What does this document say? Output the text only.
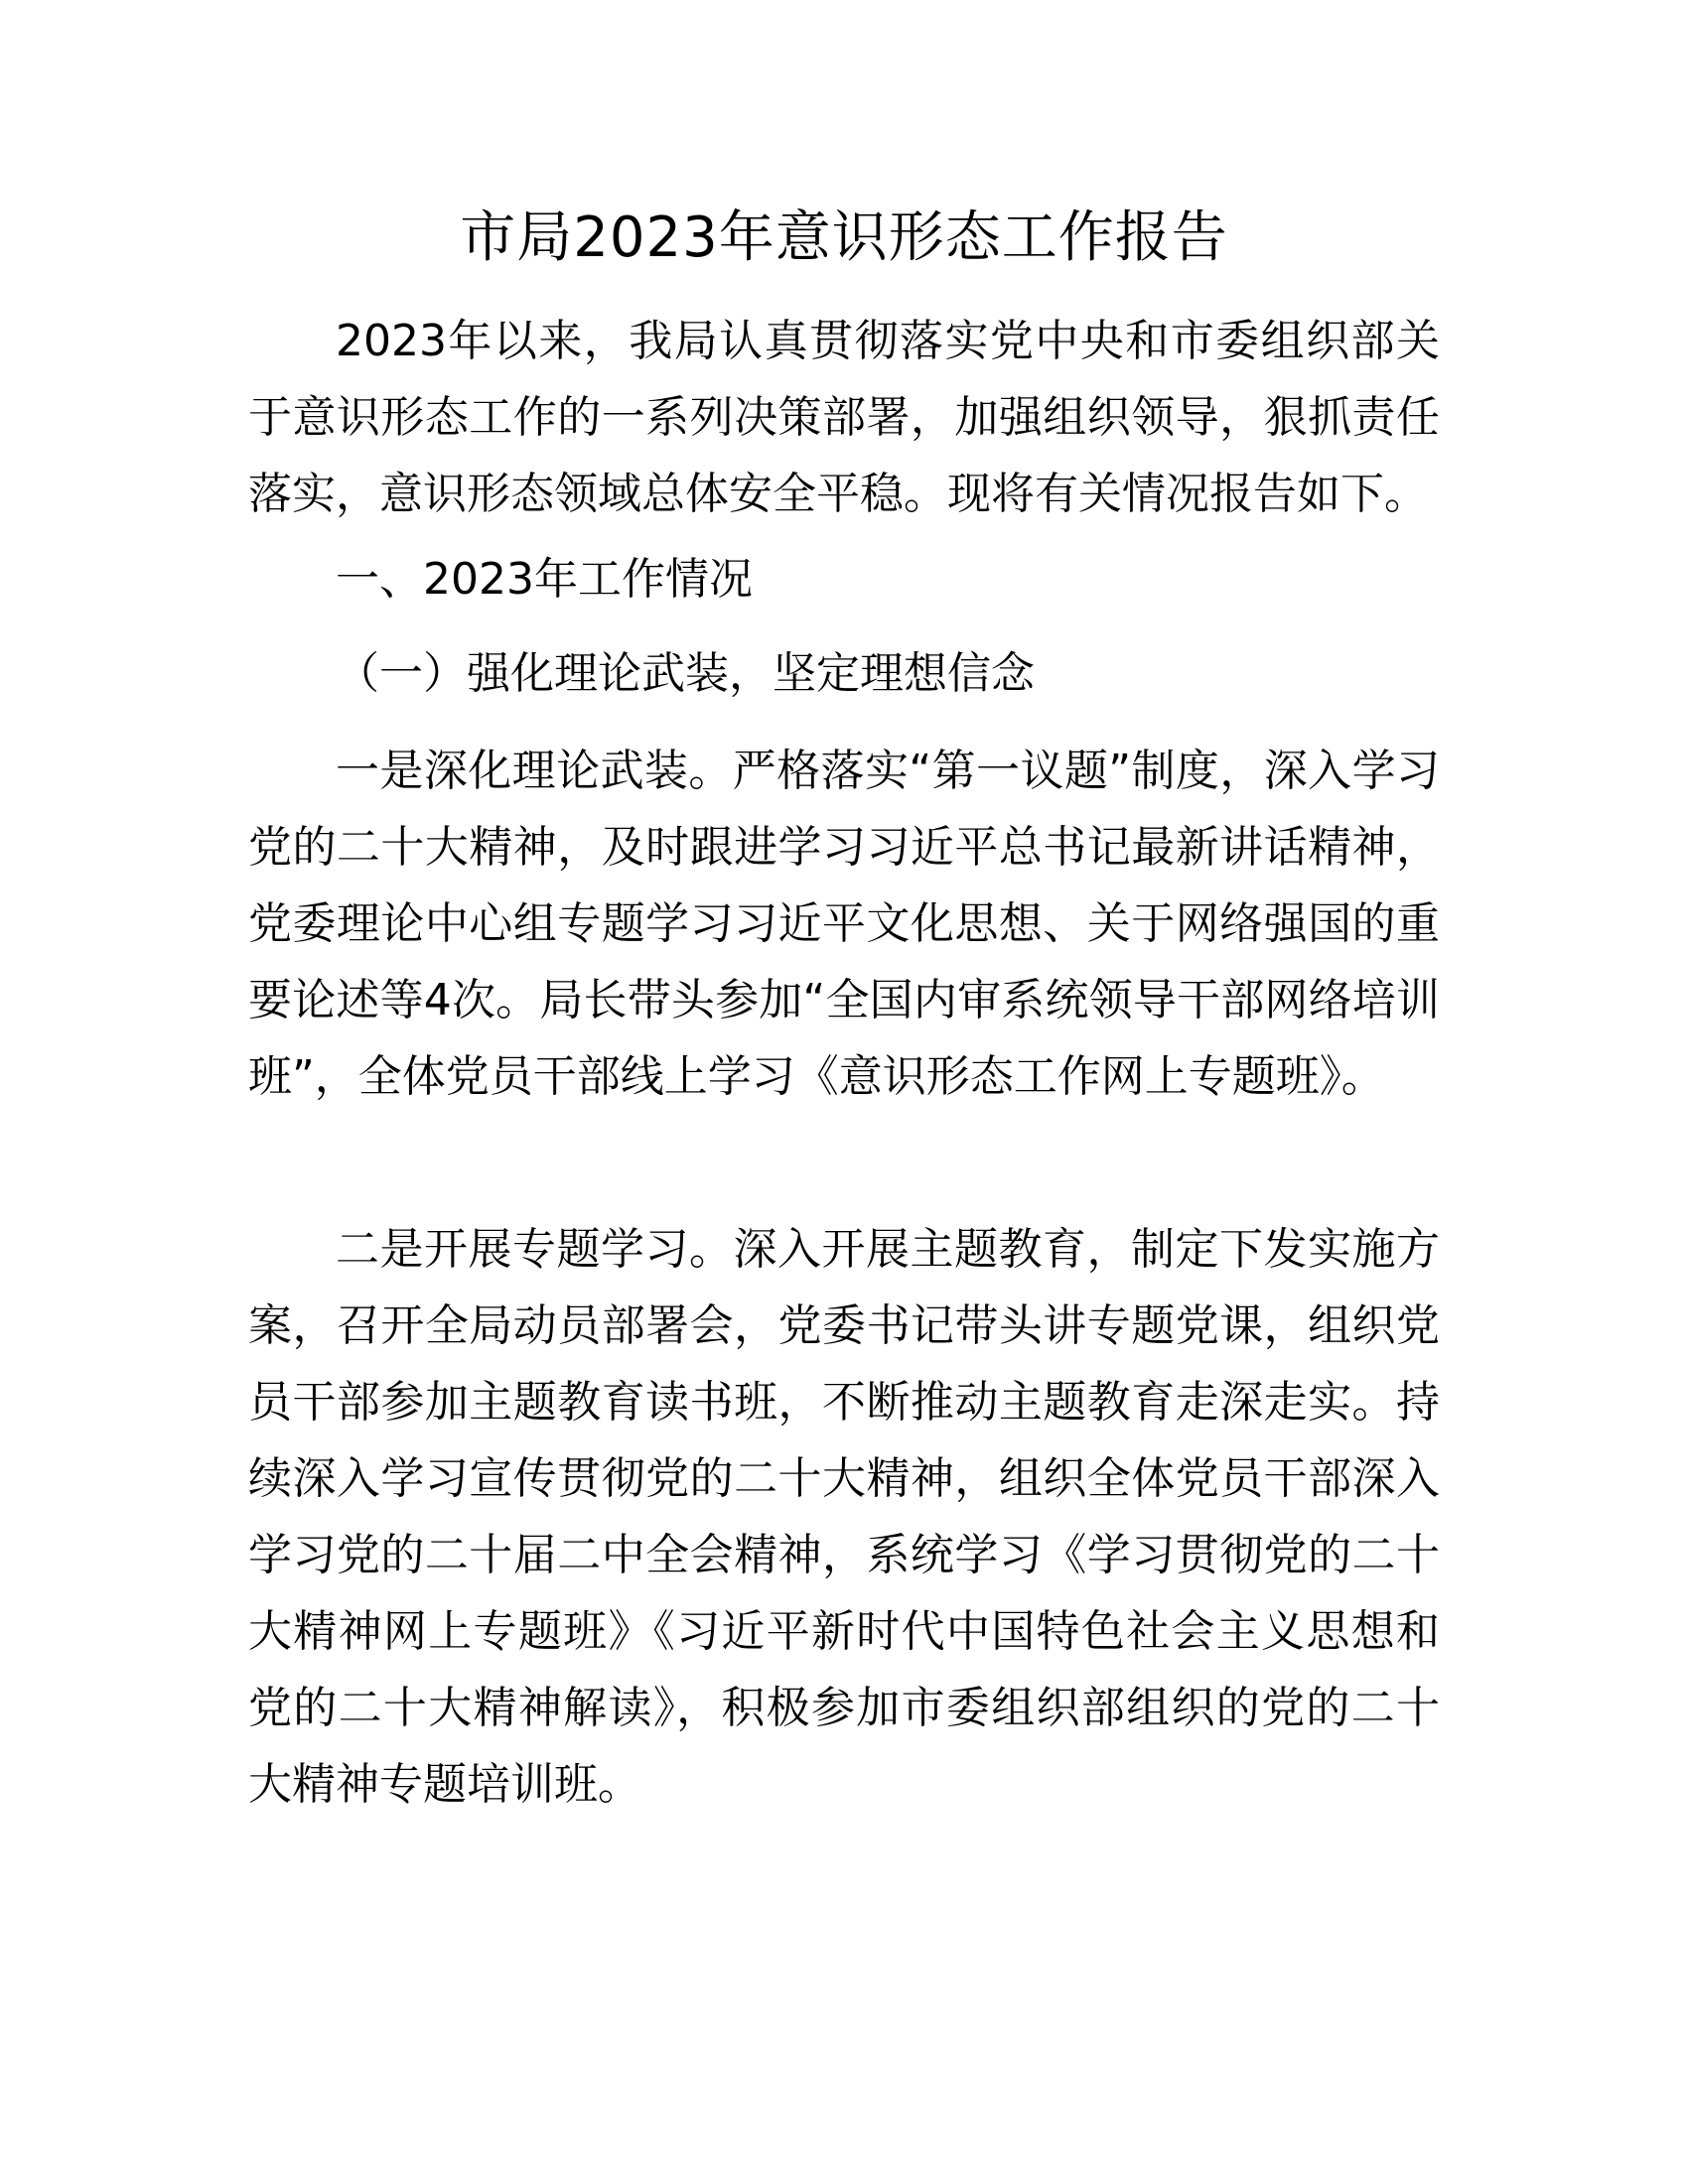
市局2023年意识形态工作报告

2023年以来，我局认真贯彻落实党中央和市委组织部关于意识形态工作的一系列决策部署，加强组织领导，狠抓责任落实，意识形态领域总体安全平稳。现将有关情况报告如下。

一、2023年工作情况

（一）强化理论武装，坚定理想信念

一是深化理论武装。严格落实“第一议题”制度，深入学习党的二十大精神，及时跟进学习习近平总书记最新讲话精神，党委理论中心组专题学习习近平文化思想、关于网络强国的重要论述等4次。局长带头参加“全国内审系统领导干部网络培训班”，全体党员干部线上学习《意识形态工作网上专题班》。

二是开展专题学习。深入开展主题教育，制定下发实施方案，召开全局动员部署会，党委书记带头讲专题党课，组织党员干部参加主题教育读书班，不断推动主题教育走深走实。持续深入学习宣传贯彻党的二十大精神，组织全体党员干部深入学习党的二十届二中全会精神，系统学习《学习贯彻党的二十大精神网上专题班》《习近平新时代中国特色社会主义思想和党的二十大精神解读》，积极参加市委组织部组织的党的二十大精神专题培训班。
